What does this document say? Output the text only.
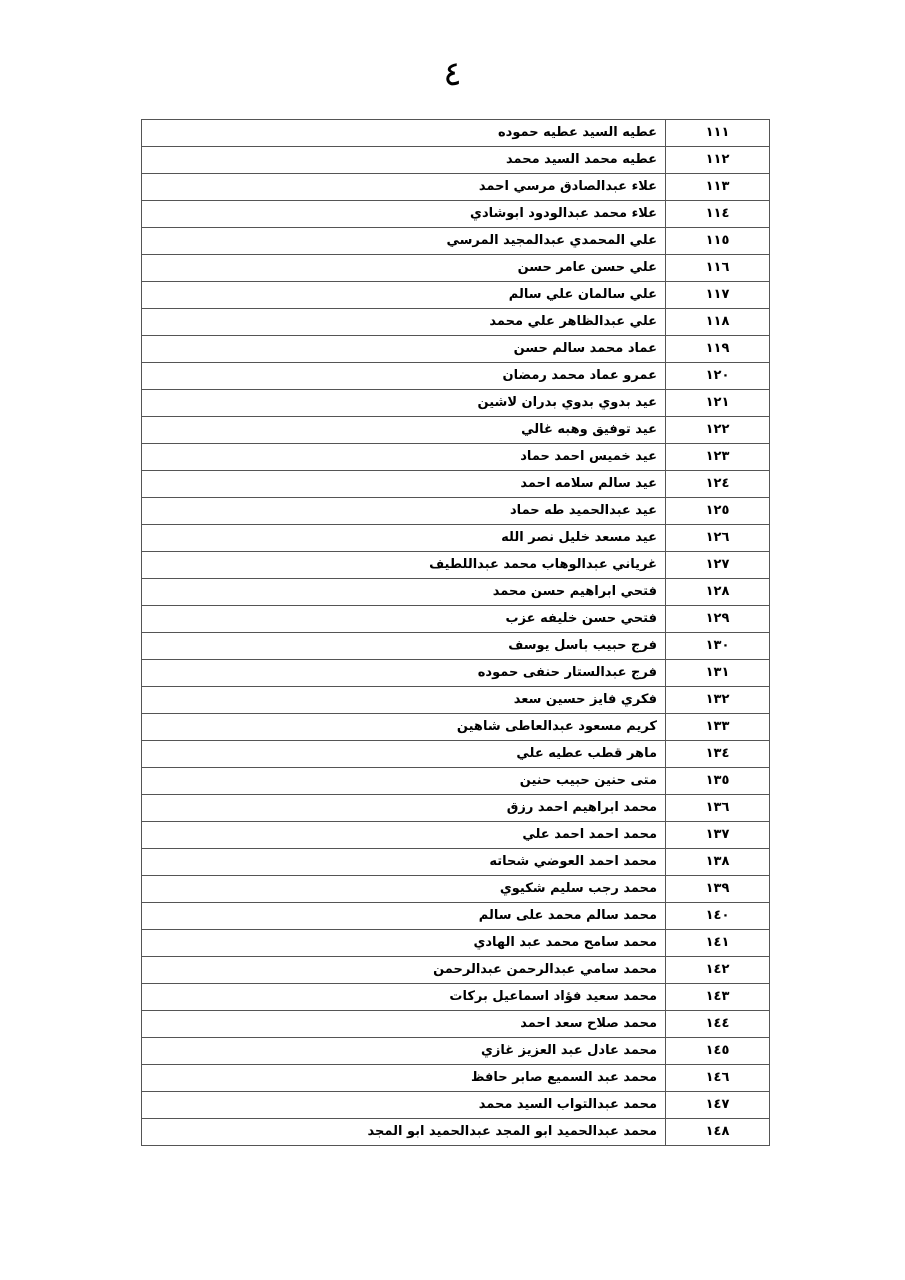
٤
١١١	عطيه السيد عطيه حموده
١١٢	عطيه محمد السيد محمد
١١٣	علاء عبدالصادق مرسي احمد
١١٤	علاء محمد عبدالودود ابوشادي
١١٥	علي المحمدي عبدالمجيد المرسي
١١٦	علي حسن عامر حسن
١١٧	علي سالمان علي سالم
١١٨	علي عبدالظاهر علي محمد
١١٩	عماد محمد سالم حسن
١٢٠	عمرو عماد محمد رمضان
١٢١	عيد بدوي بدوي بدران لاشين
١٢٢	عيد توفيق وهبه غالي
١٢٣	عيد خميس احمد حماد
١٢٤	عيد سالم سلامه احمد
١٢٥	عيد عبدالحميد طه حماد
١٢٦	عيد مسعد خليل نصر الله
١٢٧	غرياني عبدالوهاب محمد عبداللطيف
١٢٨	فتحي ابراهيم حسن محمد
١٢٩	فتحي حسن خليفه عزب
١٣٠	فرج حبيب باسل يوسف
١٣١	فرج عبدالستار حنفى حموده
١٣٢	فكري فايز حسين سعد
١٣٣	كريم مسعود عبدالعاطى شاهين
١٣٤	ماهر قطب عطيه علي
١٣٥	متى حنين حبيب حنين
١٣٦	محمد ابراهيم احمد رزق
١٣٧	محمد احمد احمد علي
١٣٨	محمد احمد العوضي شحاته
١٣٩	محمد رجب سليم شكيوي
١٤٠	محمد سالم محمد على سالم
١٤١	محمد سامح محمد عبد الهادي
١٤٢	محمد سامي عبدالرحمن عبدالرحمن
١٤٣	محمد سعيد فؤاد اسماعيل بركات
١٤٤	محمد صلاح سعد احمد
١٤٥	محمد عادل عبد العزيز غازي
١٤٦	محمد عبد السميع صابر حافظ
١٤٧	محمد عبدالتواب السيد محمد
١٤٨	محمد عبدالحميد ابو المجد عبدالحميد ابو المجد
